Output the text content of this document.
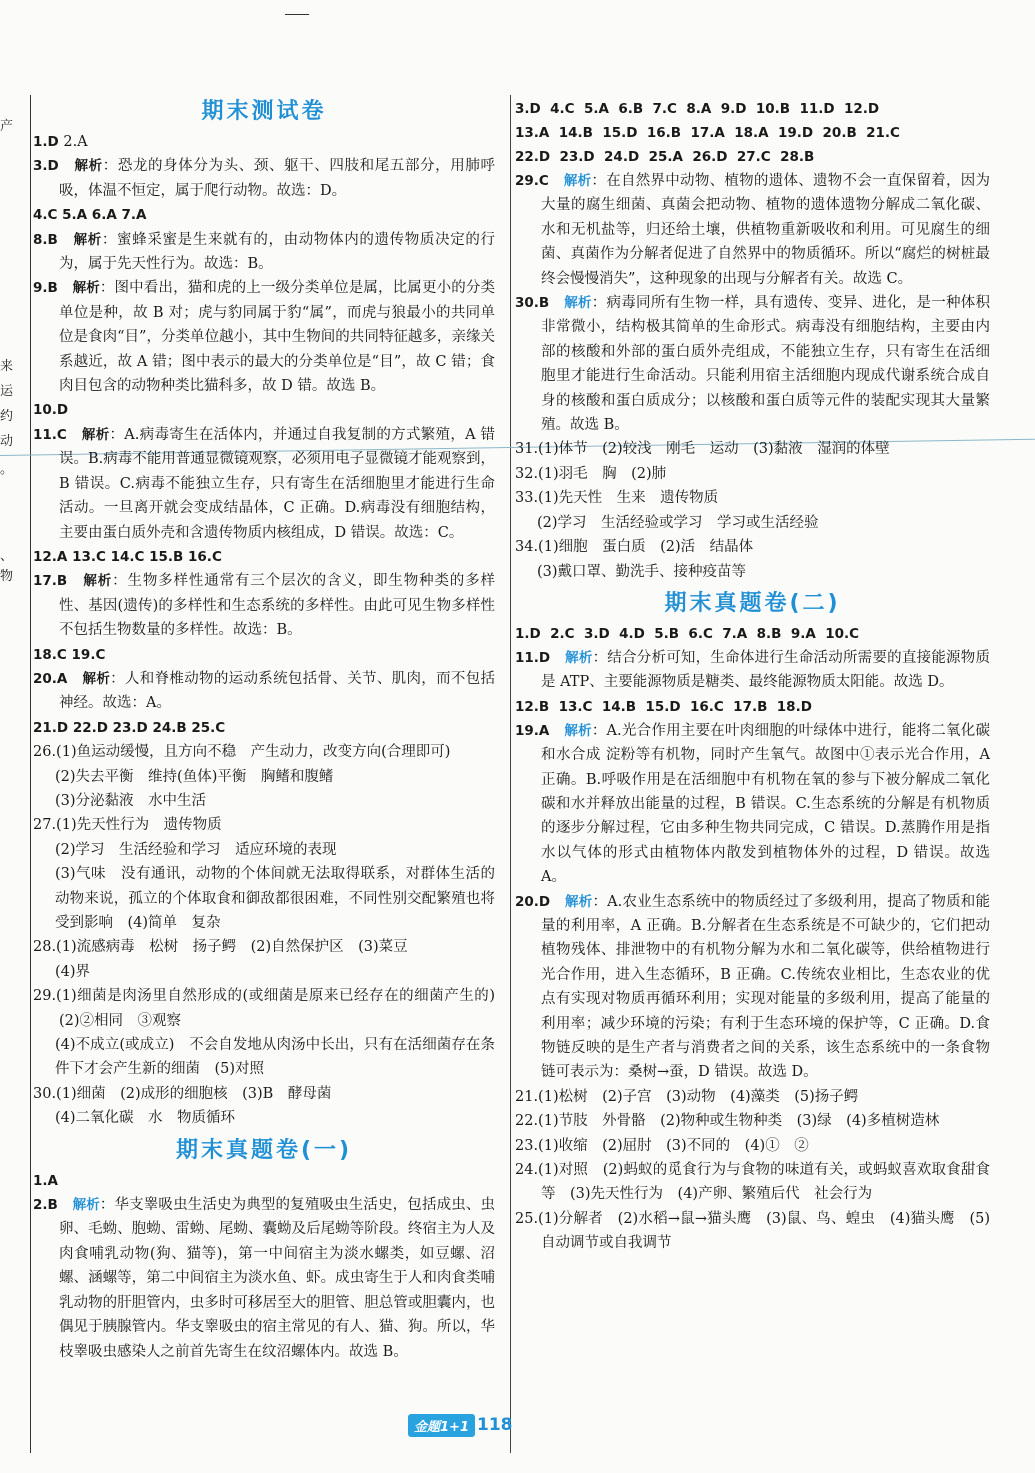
产
来
运
约
动
。
、
物
期末测试卷
1.D 2.A
3.D　 解析：恐龙的身体分为头、颈、躯干、四肢和尾五部分，用肺呼吸，体温不恒定，属于爬行动物。故选：D。
4.C 5.A 6.A 7.A
8.B　 解析：蜜蜂采蜜是生来就有的，由动物体内的遗传物质决定的行为，属于先天性行为。故选：B。
9.B　 解析：图中看出，猫和虎的上一级分类单位是属，比属更小的分类单位是种，故 B 对；虎与豹同属于豹“属”，而虎与狼最小的共同单位是食肉“目”，分类单位越小，其中生物间的共同特征越多，亲缘关系越近，故 A 错；图中表示的最大的分类单位是“目”，故 C 错；食肉目包含的动物种类比猫科多，故 D 错。故选 B。
10.D
11.C　 解析：A.病毒寄生在活体内，并通过自我复制的方式繁殖，A 错误。B.病毒不能用普通显微镜观察，必须用电子显微镜才能观察到，B 错误。C.病毒不能独立生存，只有寄生在活细胞里才能进行生命活动。一旦离开就会变成结晶体，C 正确。D.病毒没有细胞结构，主要由蛋白质外壳和含遗传物质内核组成，D 错误。故选：C。
12.A 13.C 14.C 15.B 16.C
17.B　 解析：生物多样性通常有三个层次的含义，即生物种类的多样性、基因(遗传)的多样性和生态系统的多样性。由此可见生物多样性不包括生物数量的多样性。故选：B。
18.C 19.C
20.A　 解析：人和脊椎动物的运动系统包括骨、关节、肌肉，而不包括神经。故选：A。
21.D 22.D 23.D 24.B 25.C
26.(1)鱼运动缓慢，且方向不稳　产生动力，改变方向(合理即可)
(2)失去平衡　维持(鱼体)平衡　胸鳍和腹鳍
(3)分泌黏液　水中生活
27.(1)先天性行为　遗传物质
(2)学习　生活经验和学习　适应环境的表现
(3)气味　没有通讯，动物的个体间就无法取得联系，对群体生活的动物来说，孤立的个体取食和御敌都很困难，不同性别交配繁殖也将受到影响　(4)简单　复杂
28.(1)流感病毒　松树　扬子鳄　(2)自然保护区　(3)菜豆
(4)界
29.(1)细菌是肉汤里自然形成的(或细菌是原来已经存在的细菌产生的)　(2)②相同　③观察
(4)不成立(或成立)　不会自发地从肉汤中长出，只有在活细菌存在条件下才会产生新的细菌　(5)对照
30.(1)细菌　(2)成形的细胞核　(3)B　酵母菌
(4)二氧化碳　水　物质循环
期末真题卷(一)
1.A
2.B　 解析：华支睾吸虫生活史为典型的复殖吸虫生活史，包括成虫、虫卵、毛蚴、胞蚴、雷蚴、尾蚴、囊蚴及后尾蚴等阶段。终宿主为人及肉食哺乳动物(狗、猫等)，第一中间宿主为淡水螺类，如豆螺、沼螺、涵螺等，第二中间宿主为淡水鱼、虾。成虫寄生于人和肉食类哺乳动物的肝胆管内，虫多时可移居至大的胆管、胆总管或胆囊内，也偶见于胰腺管内。华支睾吸虫的宿主常见的有人、猫、狗。所以，华枝睾吸虫感染人之前首先寄生在纹沼螺体内。故选 B。
3.D  4.C  5.A  6.B  7.C  8.A  9.D  10.B  11.D  12.D
13.A  14.B  15.D  16.B  17.A  18.A  19.D  20.B  21.C
22.D  23.D  24.D  25.A  26.D  27.C  28.B
29.C　 解析：在自然界中动物、植物的遗体、遗物不会一直保留着，因为大量的腐生细菌、真菌会把动物、植物的遗体遗物分解成二氧化碳、水和无机盐等，归还给土壤，供植物重新吸收和利用。可见腐生的细菌、真菌作为分解者促进了自然界中的物质循环。所以“腐烂的树桩最终会慢慢消失”，这种现象的出现与分解者有关。故选 C。
30.B　 解析：病毒同所有生物一样，具有遗传、变异、进化，是一种体积非常微小，结构极其简单的生命形式。病毒没有细胞结构，主要由内部的核酸和外部的蛋白质外壳组成，不能独立生存，只有寄生在活细胞里才能进行生命活动。只能利用宿主活细胞内现成代谢系统合成自身的核酸和蛋白质成分；以核酸和蛋白质等元件的装配实现其大量繁殖。故选 B。
31.(1)体节　(2)较浅　刚毛　运动　(3)黏液　湿润的体壁
32.(1)羽毛　胸　(2)肺
33.(1)先天性　生来　遗传物质
(2)学习　生活经验或学习　学习或生活经验
34.(1)细胞　蛋白质　(2)活　结晶体
(3)戴口罩、勤洗手、接种疫苗等
期末真题卷(二)
1.D  2.C  3.D  4.D  5.B  6.C  7.A  8.B  9.A  10.C
11.D　 解析：结合分析可知，生命体进行生命活动所需要的直接能源物质是 ATP、主要能源物质是糖类、最终能源物质太阳能。故选 D。
12.B  13.C  14.B  15.D  16.C  17.B  18.D
19.A　 解析：A.光合作用主要在叶肉细胞的叶绿体中进行，能将二氧化碳和水合成 淀粉等有机物，同时产生氧气。故图中①表示光合作用，A 正确。B.呼吸作用是在活细胞中有机物在氧的参与下被分解成二氧化碳和水并释放出能量的过程，B 错误。C.生态系统的分解是有机物质的逐步分解过程，它由多种生物共同完成，C 错误。D.蒸腾作用是指水以气体的形式由植物体内散发到植物体外的过程，D 错误。故选 A。
20.D　 解析：A.农业生态系统中的物质经过了多级利用，提高了物质和能量的利用率，A 正确。B.分解者在生态系统是不可缺少的，它们把动植物残体、排泄物中的有机物分解为水和二氧化碳等，供给植物进行光合作用，进入生态循环，B 正确。C.传统农业相比，生态农业的优点有实现对物质再循环利用；实现对能量的多级利用，提高了能量的利用率；减少环境的污染；有利于生态环境的保护等，C 正确。D.食物链反映的是生产者与消费者之间的关系，该生态系统中的一条食物链可表示为：桑树→蚕，D 错误。故选 D。
21.(1)松树　(2)子宫　(3)动物　(4)藻类　(5)扬子鳄
22.(1)节肢　外骨骼　(2)物种或生物种类　(3)绿　(4)多植树造林
23.(1)收缩　(2)屈肘　(3)不同的　(4)①　②
24.(1)对照　(2)蚂蚁的觅食行为与食物的味道有关，或蚂蚁喜欢取食甜食等　(3)先天性行为　(4)产卵、繁殖后代　社会行为
25.(1)分解者　(2)水稻→鼠→猫头鹰　(3)鼠、鸟、蝗虫　(4)猫头鹰　(5)自动调节或自我调节
金题1+1 118
